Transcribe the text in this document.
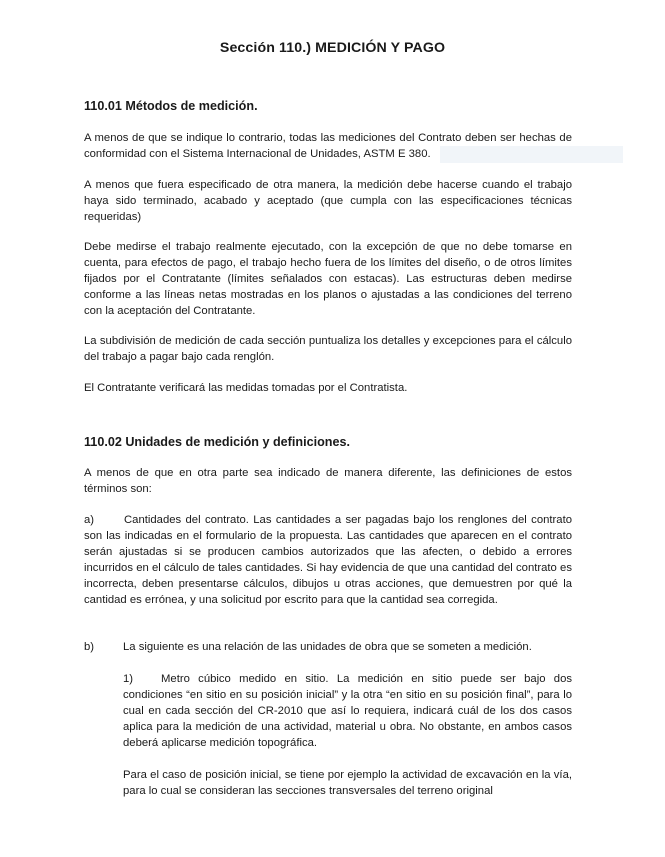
Sección 110.) MEDICIÓN Y PAGO
110.01 Métodos de medición.

A menos de que se indique lo contrario, todas las mediciones del Contrato deben ser hechas de conformidad con el Sistema Internacional de Unidades, ASTM E 380.

A menos que fuera especificado de otra manera, la medición debe hacerse cuando el trabajo haya sido terminado, acabado y aceptado (que cumpla con las especificaciones técnicas requeridas)

Debe medirse el trabajo realmente ejecutado, con la excepción de que no debe tomarse en cuenta, para efectos de pago, el trabajo hecho fuera de los límites del diseño, o de otros límites fijados por el Contratante (límites señalados con estacas). Las estructuras deben medirse conforme a las líneas netas mostradas en los planos o ajustadas a las condiciones del terreno con la aceptación del Contratante.

La subdivisión de medición de cada sección puntualiza los detalles y excepciones para el cálculo del trabajo a pagar bajo cada renglón.

El Contratante verificará las medidas tomadas por el Contratista.

110.02 Unidades de medición y definiciones.

A menos de que en otra parte sea indicado de manera diferente, las definiciones de estos términos son:

a)	Cantidades del contrato. Las cantidades a ser pagadas bajo los renglones del contrato son las indicadas en el formulario de la propuesta. Las cantidades que aparecen en el contrato serán ajustadas si se producen cambios autorizados que las afecten, o debido a errores incurridos en el cálculo de tales cantidades. Si hay evidencia de que una cantidad del contrato es incorrecta, deben presentarse cálculos, dibujos u otras acciones, que demuestren por qué la cantidad es errónea, y una solicitud por escrito para que la cantidad sea corregida.

b)	La siguiente es una relación de las unidades de obra que se someten a medición.

1)	Metro cúbico medido en sitio. La medición en sitio puede ser bajo dos condiciones “en sitio en su posición inicial” y la otra “en sitio en su posición final”, para lo cual en cada sección del CR-2010 que así lo requiera, indicará cuál de los dos casos aplica para la medición de una actividad, material u obra. No obstante, en ambos casos deberá aplicarse medición topográfica.

Para el caso de posición inicial, se tiene por ejemplo la actividad de excavación en la vía, para lo cual se consideran las secciones transversales del terreno original
